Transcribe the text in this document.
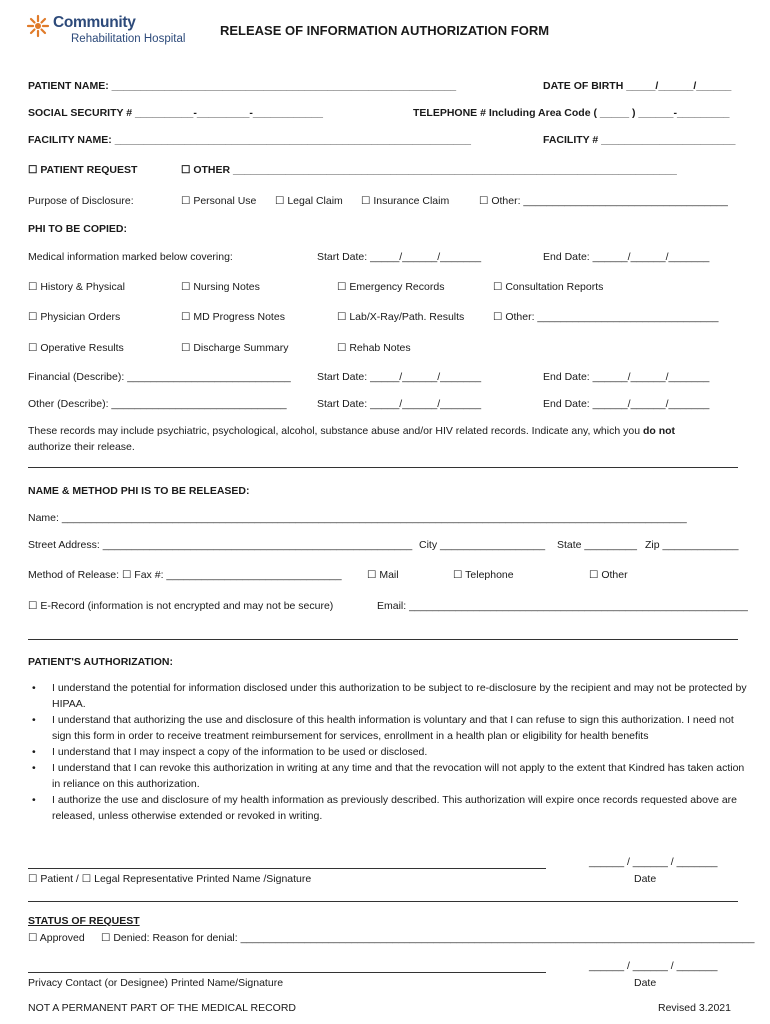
Community
Rehabilitation Hospital
RELEASE OF INFORMATION AUTHORIZATION FORM
PATIENT NAME: ___________________________________________________________	DATE OF BIRTH _____/______/______
SOCIAL SECURITY # __________-_________-____________	TELEPHONE # Including Area Code ( _____ ) ______-_________
FACILITY NAME: _____________________________________________________________	FACILITY # _______________________
☐ PATIENT REQUEST	☐ OTHER ____________________________________________________________________________
Purpose of Disclosure:	☐ Personal Use ☐ Legal Claim ☐ Insurance Claim	☐ Other: ___________________________________
PHI TO BE COPIED:
Medical information marked below covering:	Start Date: _____/______/_______	End Date: ______/______/_______
☐ History & Physical	☐ Nursing Notes	☐ Emergency Records	☐ Consultation Reports
☐ Physician Orders	☐ MD Progress Notes	☐ Lab/X-Ray/Path. Results	☐ Other: _______________________________
☐ Operative Results	☐ Discharge Summary	☐ Rehab Notes
Financial (Describe): ____________________________	Start Date: _____/______/_______	End Date: ______/______/_______
Other (Describe): ______________________________	Start Date: _____/______/_______	End Date: ______/______/_______
These records may include psychiatric, psychological, alcohol, substance abuse and/or HIV related records. Indicate any, which you do not
authorize their release.
NAME & METHOD PHI IS TO BE RELEASED:
Name: ___________________________________________________________________________________________________________
Street Address: _____________________________________________________ City __________________ State _________ Zip _____________
Method of Release: ☐ Fax #: ______________________________ ☐ Mail	☐ Telephone	☐ Other
☐ E-Record (information is not encrypted and may not be secure)	Email: __________________________________________________________
PATIENT'S AUTHORIZATION:
• I understand the potential for information disclosed under this authorization to be subject to re-disclosure by the recipient and may not be protected by HIPAA.
• I understand that authorizing the use and disclosure of this health information is voluntary and that I can refuse to sign this authorization. I need not sign this form in order to receive treatment reimbursement for services, enrollment in a health plan or eligibility for health benefits
• I understand that I may inspect a copy of the information to be used or disclosed.
• I understand that I can revoke this authorization in writing at any time and that the revocation will not apply to the extent that Kindred has taken action in reliance on this authorization.
• I authorize the use and disclosure of my health information as previously described. This authorization will expire once records requested above are released, unless otherwise extended or revoked in writing.
______ / ______ / _______
☐ Patient / ☐ Legal Representative Printed Name /Signature	Date
STATUS OF REQUEST
☐ Approved ☐ Denied: Reason for denial: ________________________________________________________________________________________
______ / ______ / _______
Privacy Contact (or Designee) Printed Name/Signature	Date
NOT A PERMANENT PART OF THE MEDICAL RECORD	Revised 3.2021
